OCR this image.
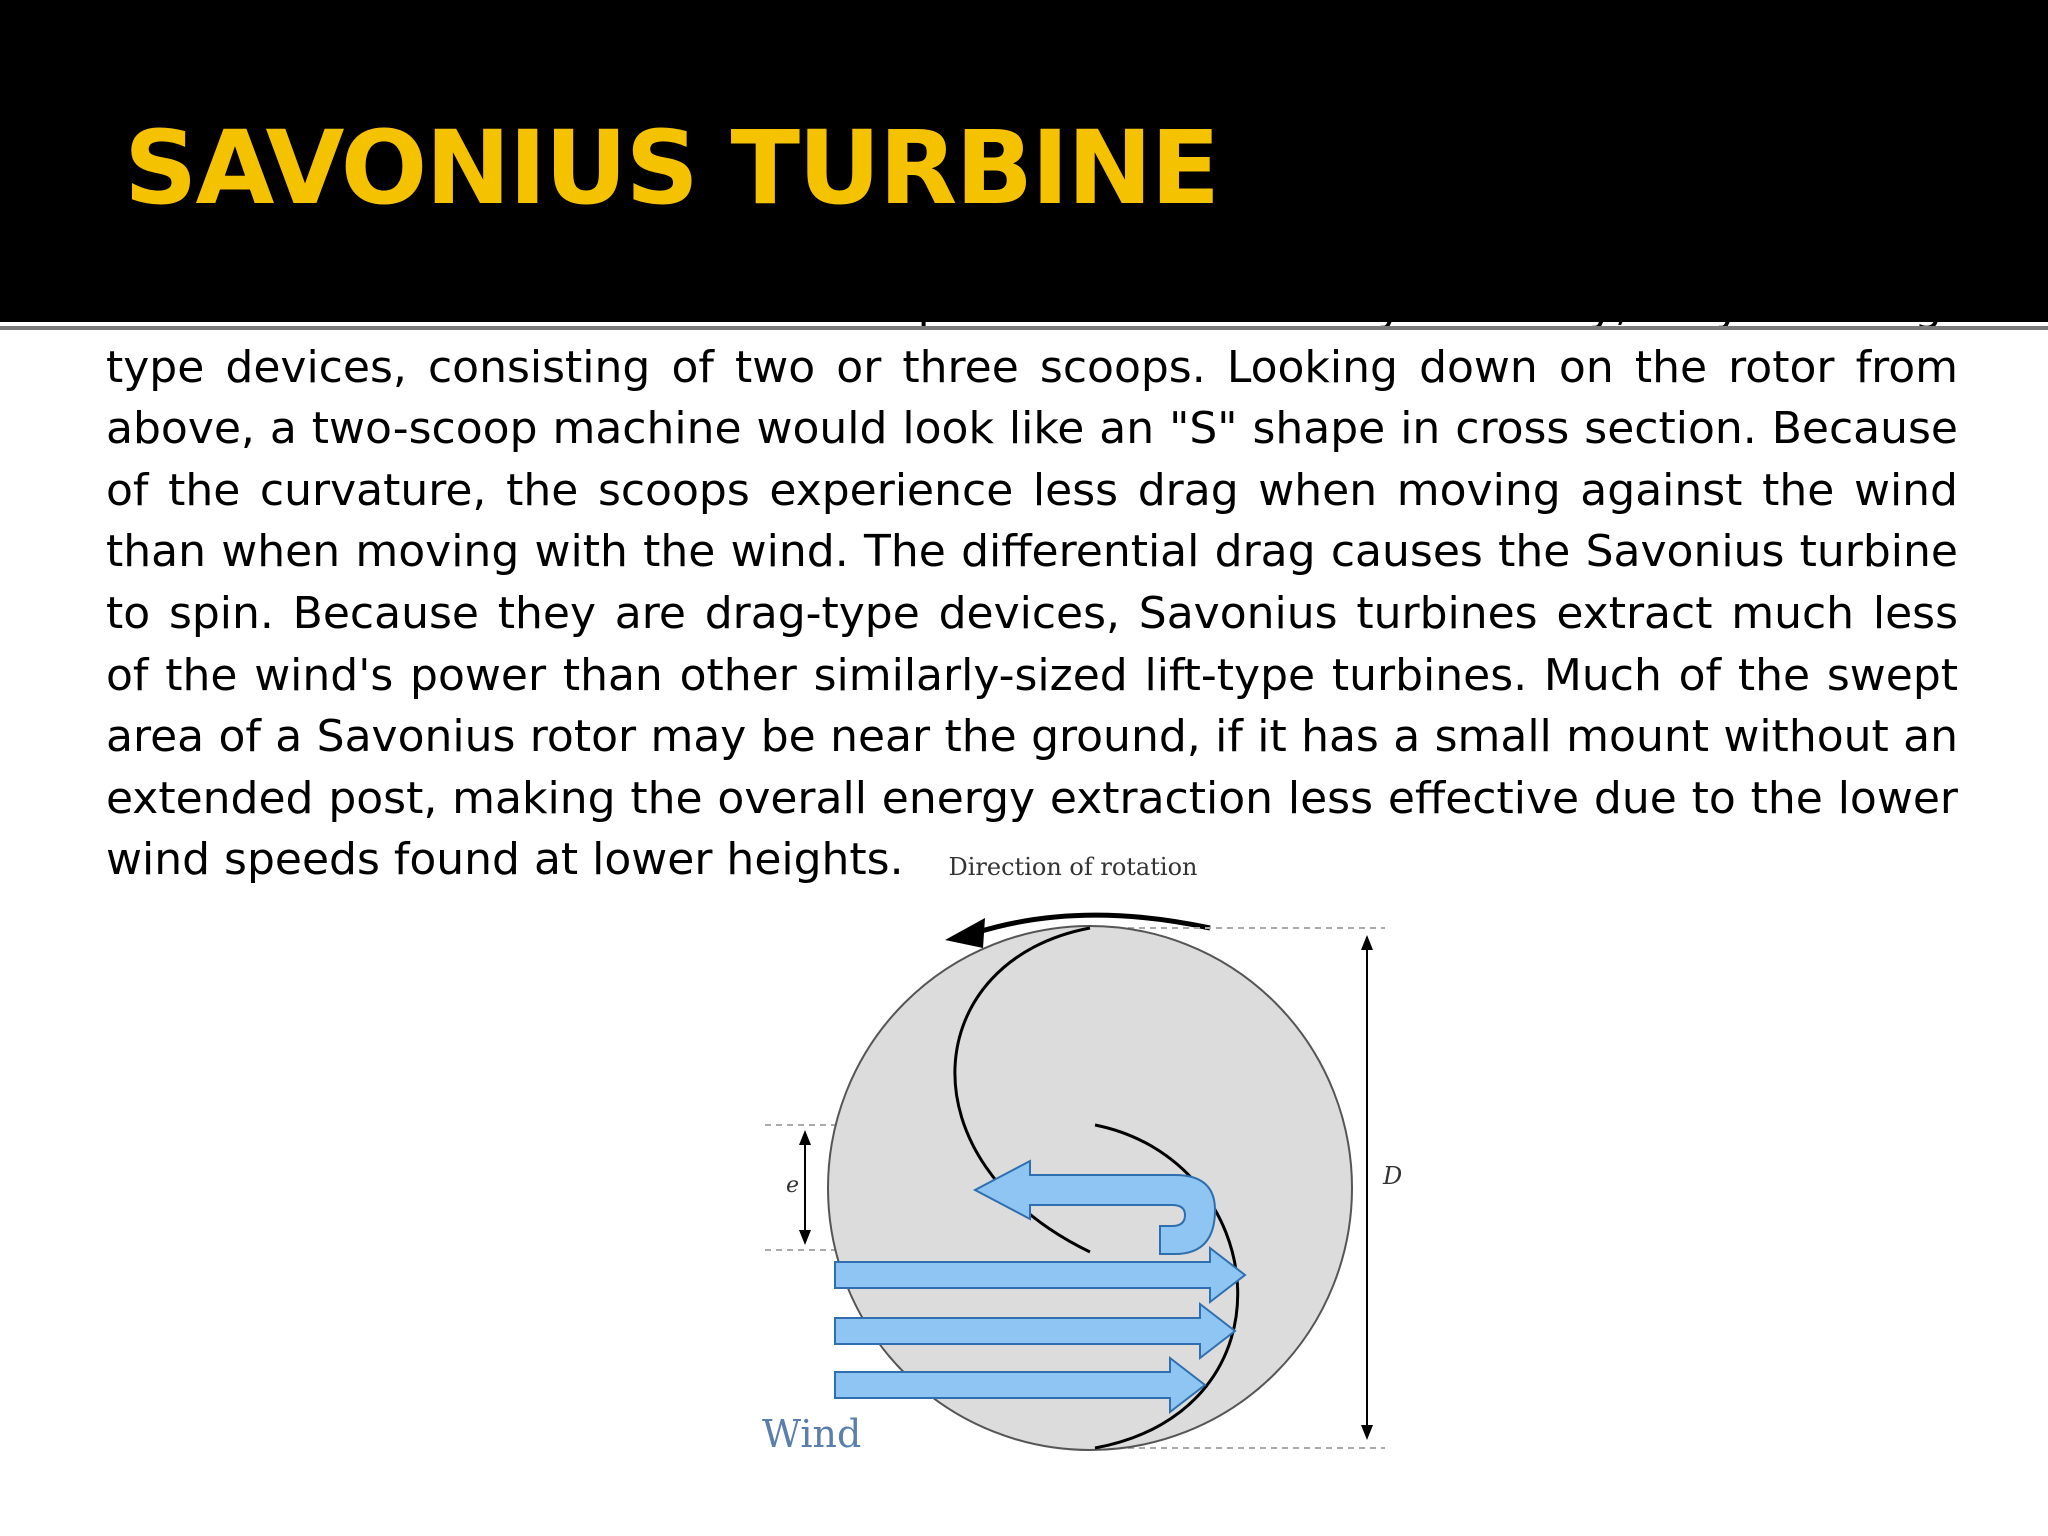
SAVONIUS TURBINE

type devices, consisting of two or three scoops. Looking down on the rotor from above, a two-scoop machine would look like an "S" shape in cross section. Because of the curvature, the scoops experience less drag when moving against the wind than when moving with the wind. The differential drag causes the Savonius turbine to spin. Because they are drag-type devices, Savonius turbines extract much less of the wind's power than other similarly-sized lift-type turbines. Much of the swept area of a Savonius rotor may be near the ground, if it has a small mount without an extended post, making the overall energy extraction less effective due to the lower wind speeds found at lower heights.	Direction of rotation
e	D
Wind
